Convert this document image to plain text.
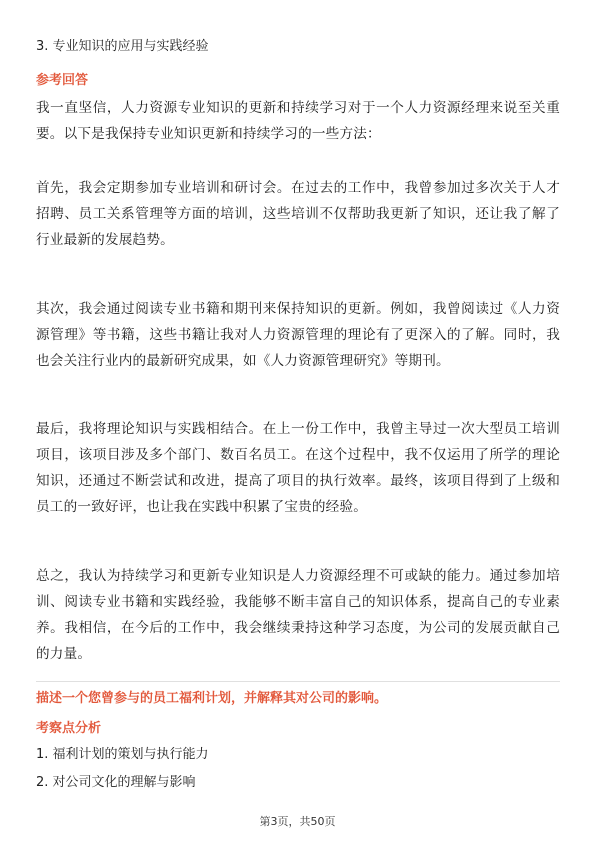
3. 专业知识的应用与实践经验
参考回答
我一直坚信，人力资源专业知识的更新和持续学习对于一个人力资源经理来说至关重要。以下是我保持专业知识更新和持续学习的一些方法：
首先，我会定期参加专业培训和研讨会。在过去的工作中，我曾参加过多次关于人才招聘、员工关系管理等方面的培训，这些培训不仅帮助我更新了知识，还让我了解了行业最新的发展趋势。
其次，我会通过阅读专业书籍和期刊来保持知识的更新。例如，我曾阅读过《人力资源管理》等书籍，这些书籍让我对人力资源管理的理论有了更深入的了解。同时，我也会关注行业内的最新研究成果，如《人力资源管理研究》等期刊。
最后，我将理论知识与实践相结合。在上一份工作中，我曾主导过一次大型员工培训项目，该项目涉及多个部门、数百名员工。在这个过程中，我不仅运用了所学的理论知识，还通过不断尝试和改进，提高了项目的执行效率。最终，该项目得到了上级和员工的一致好评，也让我在实践中积累了宝贵的经验。
总之，我认为持续学习和更新专业知识是人力资源经理不可或缺的能力。通过参加培训、阅读专业书籍和实践经验，我能够不断丰富自己的知识体系，提高自己的专业素养。我相信，在今后的工作中，我会继续秉持这种学习态度，为公司的发展贡献自己的力量。
描述一个您曾参与的员工福利计划，并解释其对公司的影响。
考察点分析
1. 福利计划的策划与执行能力
2. 对公司文化的理解与影响
第3页，共50页
